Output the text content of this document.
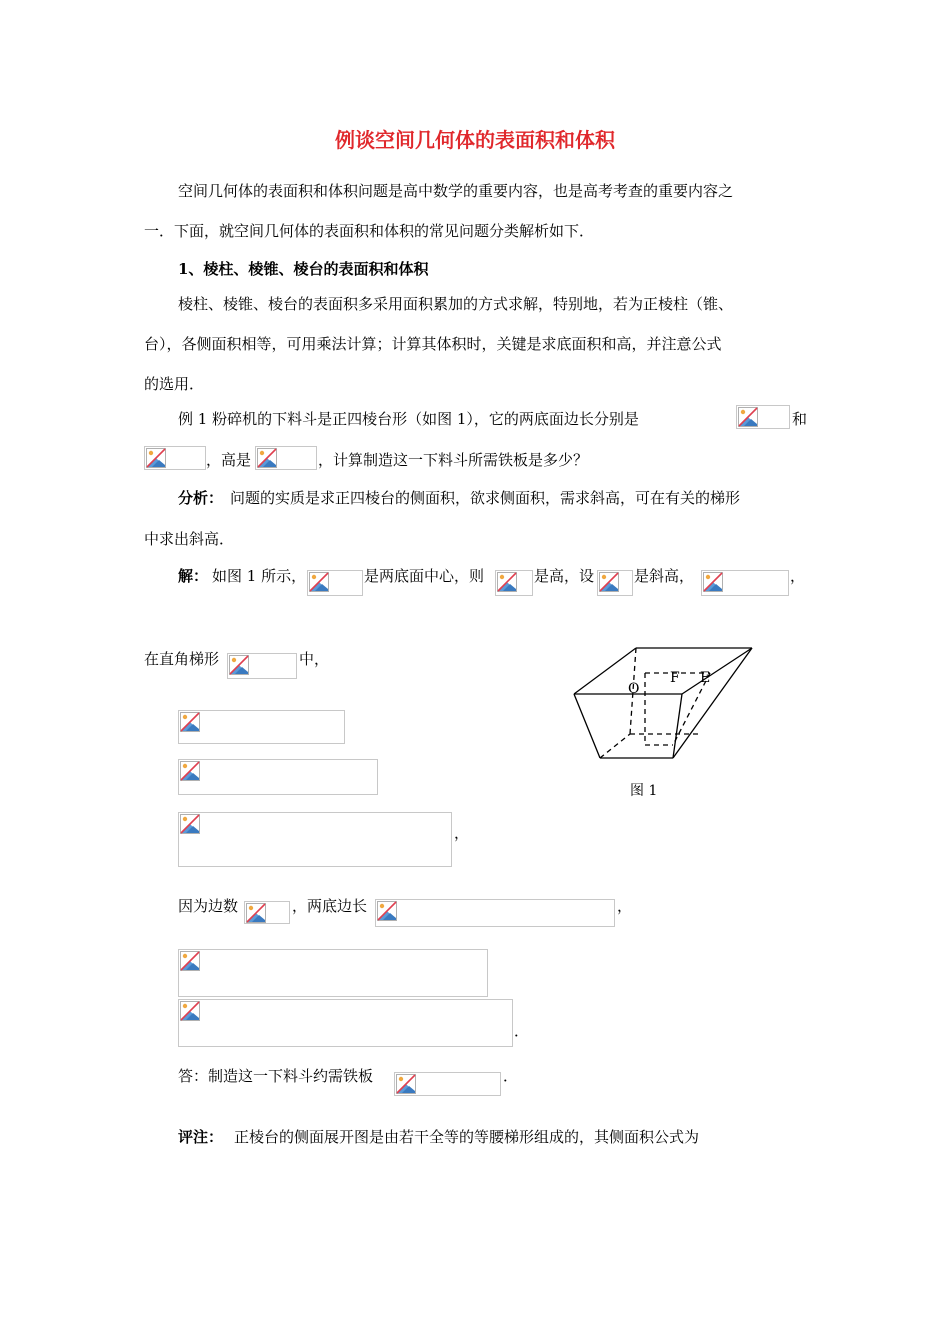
例谈空间几何体的表面积和体积
空间几何体的表面积和体积问题是高中数学的重要内容，也是高考考查的重要内容之
一．下面，就空间几何体的表面积和体积的常见问题分类解析如下．
1、棱柱、棱锥、棱台的表面积和体积
棱柱、棱锥、棱台的表面积多采用面积累加的方式求解，特别地，若为正棱柱（锥、
台），各侧面积相等，可用乘法计算；计算其体积时，关键是求底面积和高，并注意公式
的选用．
例 1 粉碎机的下料斗是正四棱台形（如图 1），它的两底面边长分别是	和
，高是	，计算制造这一下料斗所需铁板是多少？
分析： 问题的实质是求正四棱台的侧面积，欲求侧面积，需求斜高，可在有关的梯形
中求出斜高．
解： 如图 1 所示，	是两底面中心，则	是高，设	是斜高，	，
在直角梯形	中，
，
因为边数	，两底边长	，
．
答：制造这一下料斗约需铁板	．
评注： 正棱台的侧面展开图是由若干全等的等腰梯形组成的，其侧面积公式为
O
F E
图 1
